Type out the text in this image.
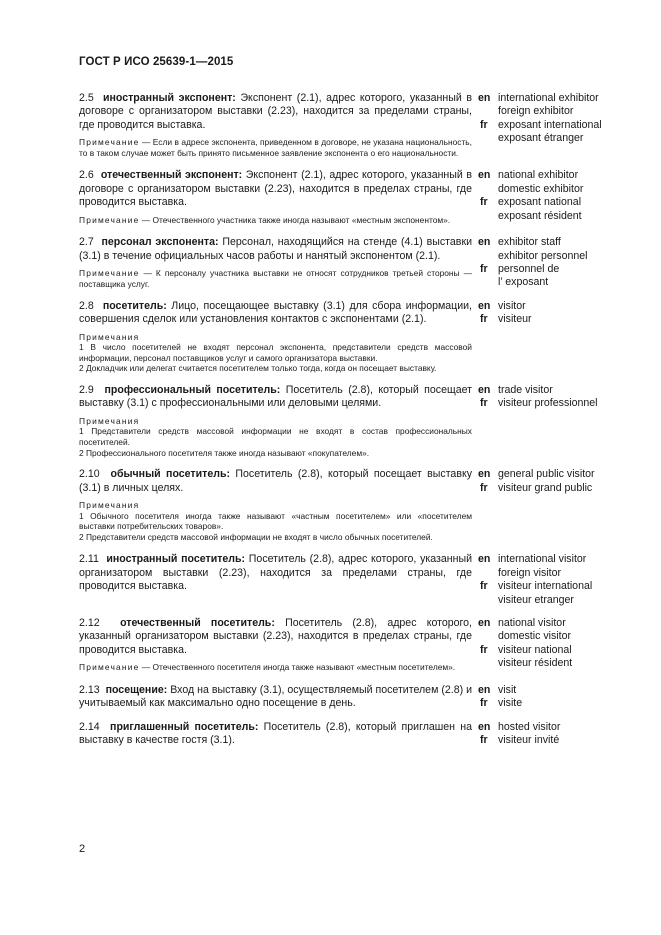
ГОСТ Р ИСО 25639-1—2015

2.5 иностранный экспонент: Экспонент (2.1), адрес которого, указанный в договоре с организатором выставки (2.23), находится за пределами страны, где проводится выставка.

Примечание — Если в адресе экспонента, приведенном в договоре, не указана национальность, то в таком случае может быть принято письменное заявление экспонента о его национальности.

en international exhibitor
foreign exhibitor
fr exposant international
exposant étranger

2.6 отечественный экспонент: Экспонент (2.1), адрес которого, указанный в договоре с организатором выставки (2.23), находится в пределах страны, где проводится выставка.

Примечание — Отечественного участника также иногда называют «местным экспонентом».

en national exhibitor
domestic exhibitor
fr exposant national
exposant résident

2.7 персонал экспонента: Персонал, находящийся на стенде (4.1) выставки (3.1) в течение официальных часов работы и нанятый экспонентом (2.1).

Примечание — К персоналу участника выставки не относят сотрудников третьей стороны — поставщика услуг.

en exhibitor staff
exhibitor personnel
fr personnel de
l’ exposant

2.8 посетитель: Лицо, посещающее выставку (3.1) для сбора информации, совершения сделок или установления контактов с экспонентами (2.1).

Примечания

1 В число посетителей не входят персонал экспонента, представители средств массовой информации, персонал поставщиков услуг и самого организатора выставки.

2 Докладчик или делегат считается посетителем только тогда, когда он посещает выставку.

en visitor
fr visiteur

2.9 профессиональный посетитель: Посетитель (2.8), который посещает выставку (3.1) с профессиональными или деловыми целями.

Примечания

1 Представители средств массовой информации не входят в состав профессиональных посетителей.

2 Профессионального посетителя также иногда называют «покупателем».

en trade visitor
fr visiteur professionnel

2.10 обычный посетитель: Посетитель (2.8), который посещает выставку (3.1) в личных целях.

Примечания

1 Обычного посетителя иногда также называют «частным посетителем» или «посетителем выставки потребительских товаров».

2 Представители средств массовой информации не входят в число обычных посетителей.

en general public visitor
fr visiteur grand public

2.11 иностранный посетитель: Посетитель (2.8), адрес которого, указанный организатором выставки (2.23), находится за пределами страны, где проводится выставка.

en international visitor
foreign visitor
fr visiteur international
visiteur etranger

2.12 отечественный посетитель: Посетитель (2.8), адрес которого, указанный организатором выставки (2.23), находится в пределах страны, где проводится выставка.

Примечание — Отечественного посетителя иногда также называют «местным посетителем».

en national visitor
domestic visitor
fr visiteur national
visiteur résident

2.13 посещение: Вход на выставку (3.1), осуществляемый посетителем (2.8) и учитываемый как максимально одно посещение в день.

en visit
fr visite

2.14 приглашенный посетитель: Посетитель (2.8), который приглашен на выставку в качестве гостя (3.1).

en hosted visitor
fr visiteur invité
2
